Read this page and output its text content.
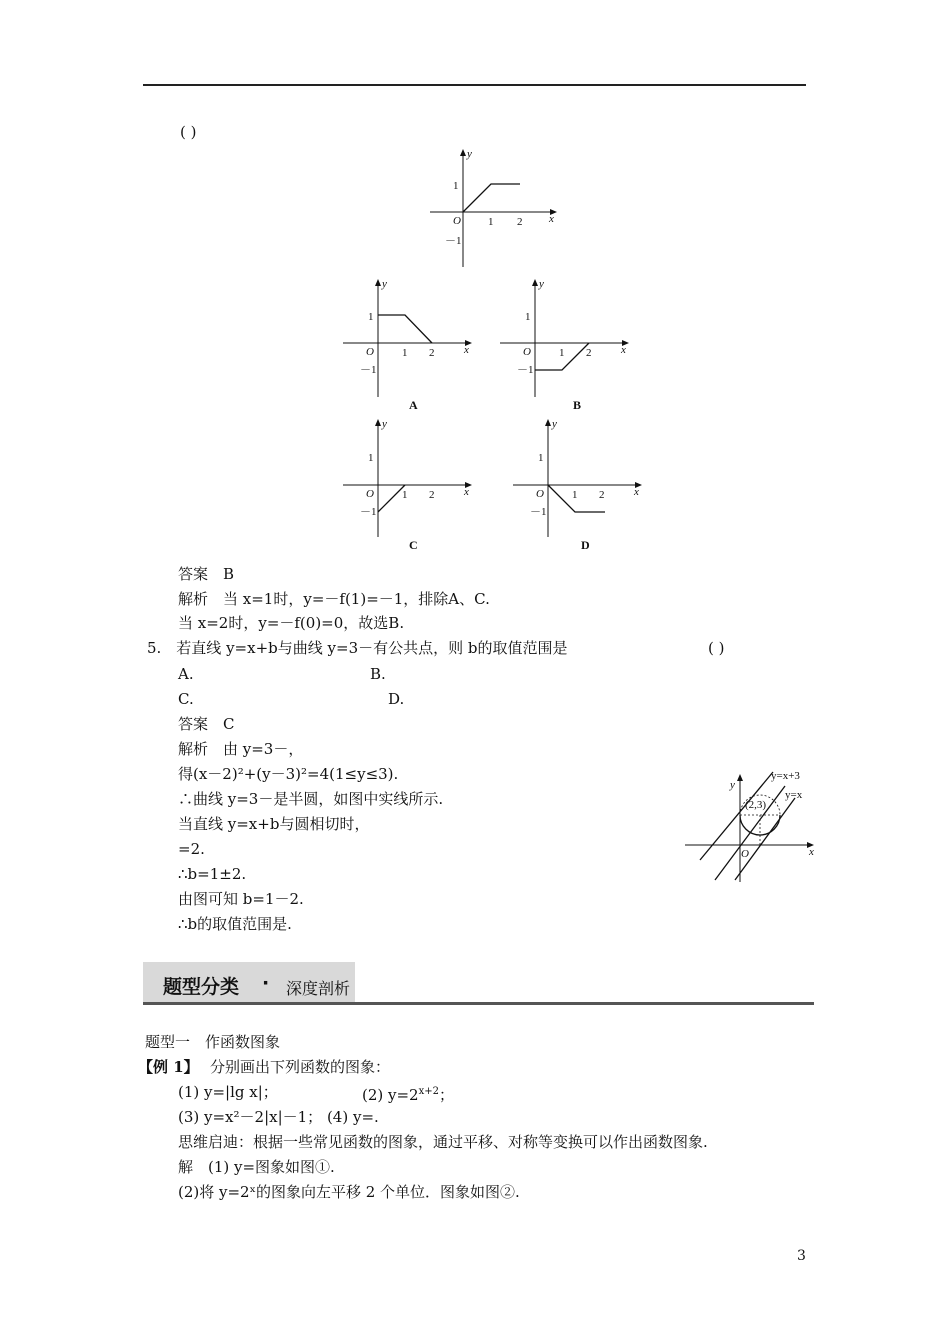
( )
y
x
O
1
1 2
－1
y
x
O
1
1 2
－1
A
y
x
O
1
1 2
－1
B
y
x
O
1
1 2
－1
C
y
x
O
1
1 2
－1
D
答案　B
解析　当 x=1时，y=－f(1)=－1，排除A、C.
当 x=2时，y=－f(0)=0，故选B.
5.　若直线 y=x+b与曲线 y=3－有公共点，则 b的取值范围是	( )
A.	B.
C.	D.
答案　C
解析　由 y=3－，
得(x－2)²+(y－3)²=4(1≤y≤3).
∴曲线 y=3－是半圆，如图中实线所示.
当直线 y=x+b与圆相切时，
=2.
∴b=1±2.
由图可知 b=1－2.
∴b的取值范围是.
y
x
O
y=x+3
y=x
(2,3)
题型分类 · 深度剖析
题型一　作函数图象
【例 1】 分别画出下列函数的图象：
(1) y=|lg x|；	(2) $y=2^{x+2}$；
(3) y=x²－2|x|－1； (4) y=.
思维启迪：根据一些常见函数的图象，通过平移、对称等变换可以作出函数图象.
解　(1) y=图象如图①.
(2)将 y=2ˣ的图象向左平移 2 个单位．图象如图②.
3
